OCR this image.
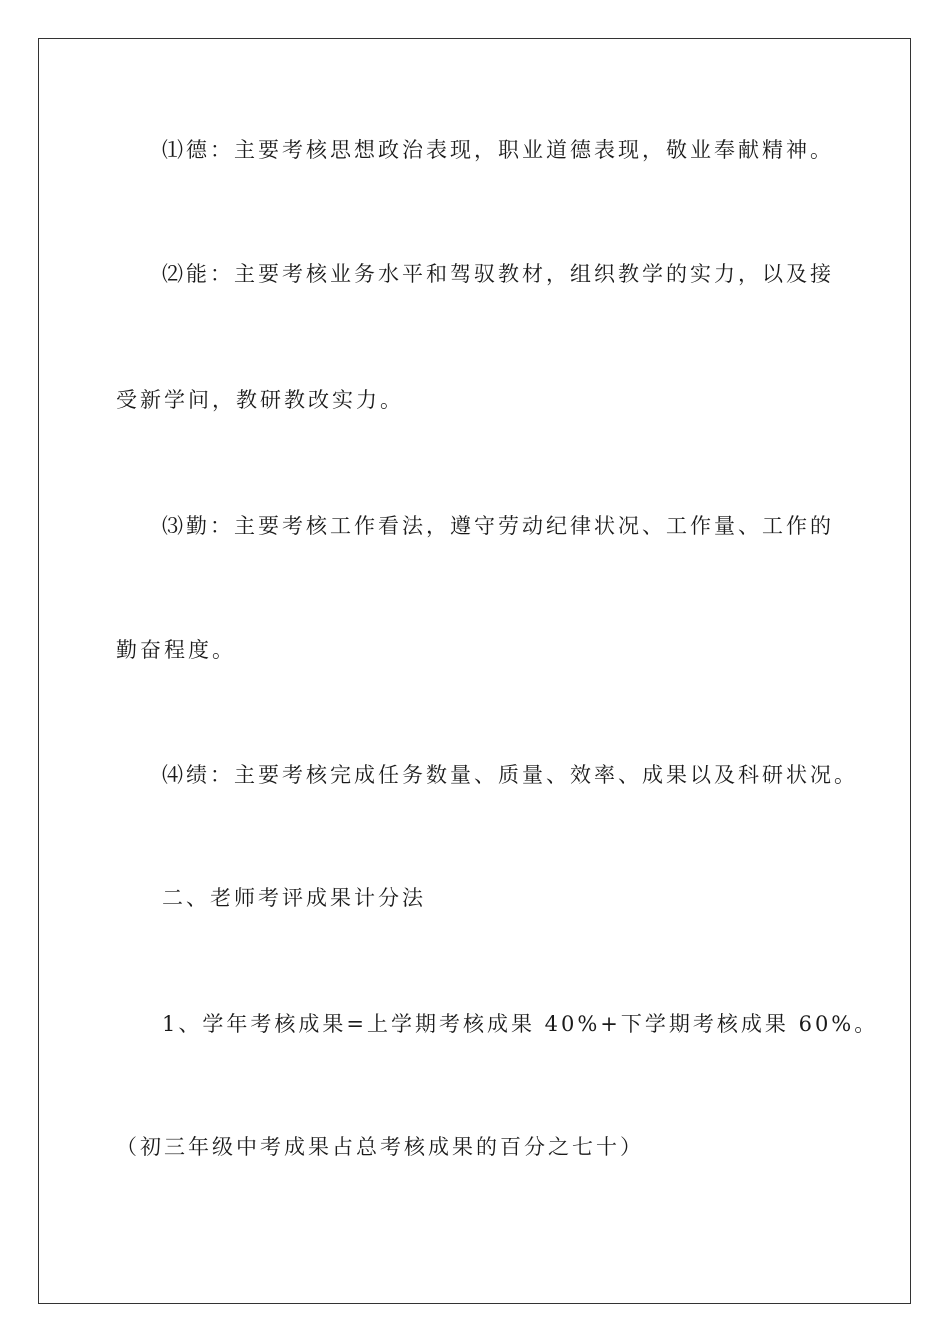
⑴德：主要考核思想政治表现，职业道德表现，敬业奉献精神。
⑵能：主要考核业务水平和驾驭教材，组织教学的实力，以及接
受新学问，教研教改实力。
⑶勤：主要考核工作看法，遵守劳动纪律状况、工作量、工作的
勤奋程度。
⑷绩：主要考核完成任务数量、质量、效率、成果以及科研状况。
二、老师考评成果计分法
1、学年考核成果=上学期考核成果 40%+下学期考核成果 60%。
（初三年级中考成果占总考核成果的百分之七十）
